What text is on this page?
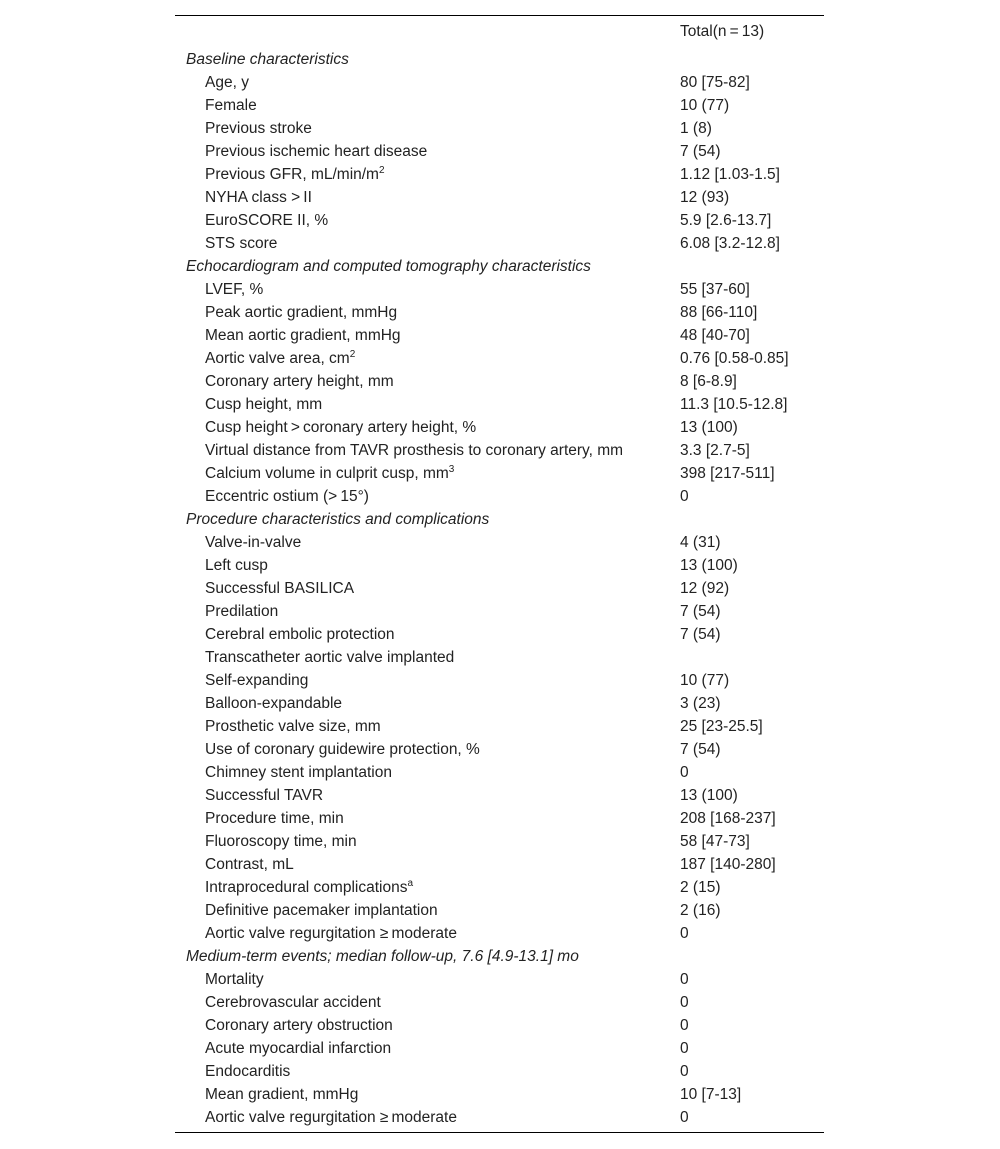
Total(n = 13)
Baseline characteristics
Age, y	80 [75-82]
Female	10 (77)
Previous stroke	1 (8)
Previous ischemic heart disease	7 (54)
Previous GFR, $mL/\min/m^2$	1.12 [1.03-1.5]
NYHA class > II	12 (93)
EuroSCORE II, %	5.9 [2.6-13.7]
STS score	6.08 [3.2-12.8]
Echocardiogram and computed tomography characteristics
LVEF, %	55 [37-60]
Peak aortic gradient, mmHg	88 [66-110]
Mean aortic gradient, mmHg	48 [40-70]
Aortic valve area, $cm^2$	0.76 [0.58-0.85]
Coronary artery height, mm	8 [6-8.9]
Cusp height, mm	11.3 [10.5-12.8]
Cusp height > coronary artery height, %	13 (100)
Virtual distance from TAVR prosthesis to coronary artery, mm	3.3 [2.7-5]
Calcium volume in culprit cusp, $mm^3$	398 [217-511]
Eccentric ostium (> 15°)	0
Procedure characteristics and complications
Valve-in-valve	4 (31)
Left cusp	13 (100)
Successful BASILICA	12 (92)
Predilation	7 (54)
Cerebral embolic protection	7 (54)
Transcatheter aortic valve implanted
Self-expanding	10 (77)
Balloon-expandable	3 (23)
Prosthetic valve size, mm	25 [23-25.5]
Use of coronary guidewire protection, %	7 (54)
Chimney stent implantation	0
Successful TAVR	13 (100)
Procedure time, min	208 [168-237]
Fluoroscopy time, min	58 [47-73]
Contrast, mL	187 [140-280]
Intraprocedural complications$^a$	2 (15)
Definitive pacemaker implantation	2 (16)
Aortic valve regurgitation ≥ moderate	0
Medium-term events; median follow-up, 7.6 [4.9-13.1] mo
Mortality	0
Cerebrovascular accident	0
Coronary artery obstruction	0
Acute myocardial infarction	0
Endocarditis	0
Mean gradient, mmHg	10 [7-13]
Aortic valve regurgitation ≥ moderate	0
